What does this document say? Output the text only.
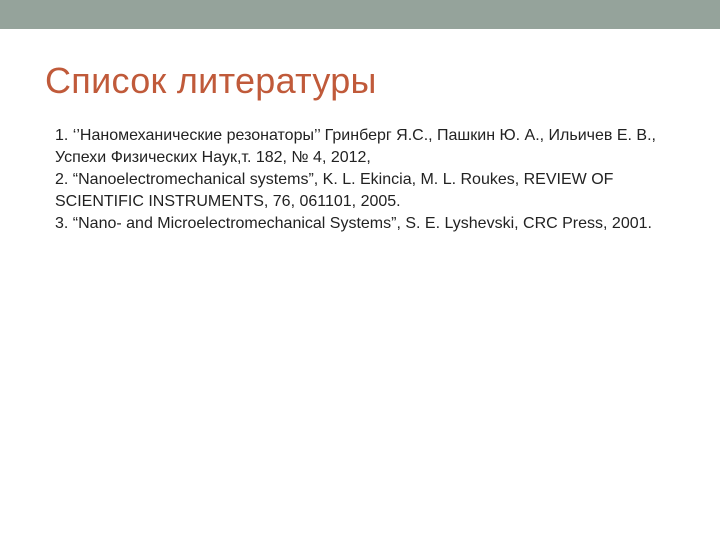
Список литературы

1. ‘’Наномеханические резонаторы’’ Гринберг Я.С., Пашкин Ю. А., Ильичев Е. В., Успехи Физических Наук,т. 182, № 4, 2012,

2. “Nanoelectromechanical systems”, K. L. Ekincia, M. L. Roukes, REVIEW OF SCIENTIFIC INSTRUMENTS, 76, 061101, 2005.

3. “Nano- and Microelectromechanical Systems”, S. E. Lyshevski, CRC Press, 2001.
